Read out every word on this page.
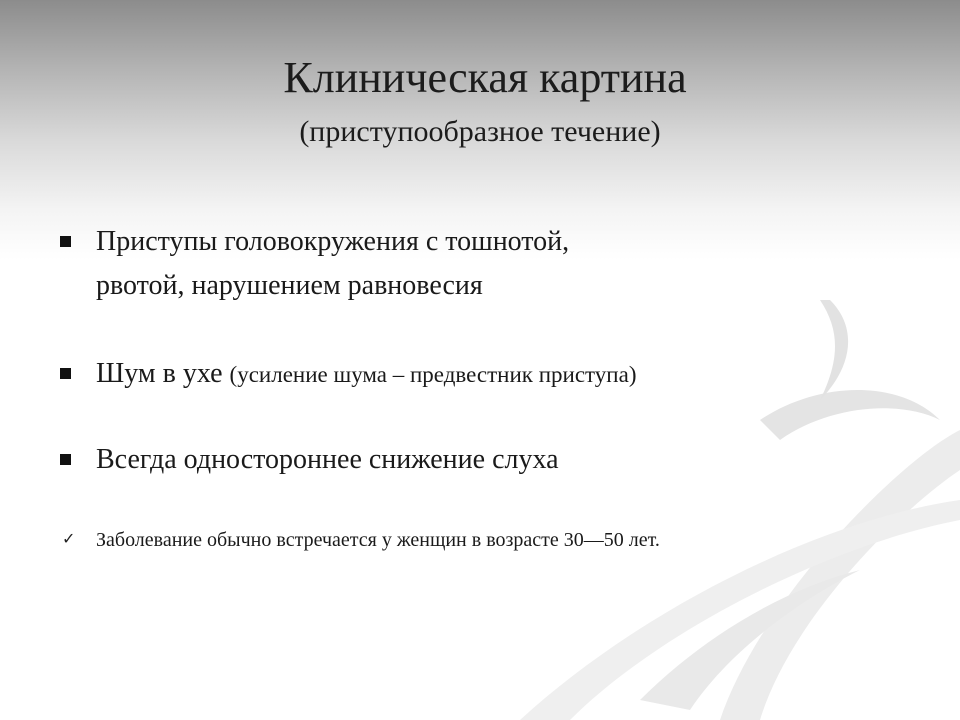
Клиническая картина
(приступообразное течение)
Приступы головокружения с тошнотой,
рвотой, нарушением равновесия
Шум в ухе (усиление шума – предвестник приступа)
Всегда одностороннее снижение слуха
✓ Заболевание обычно встречается у женщин в возрасте 30—50 лет.
